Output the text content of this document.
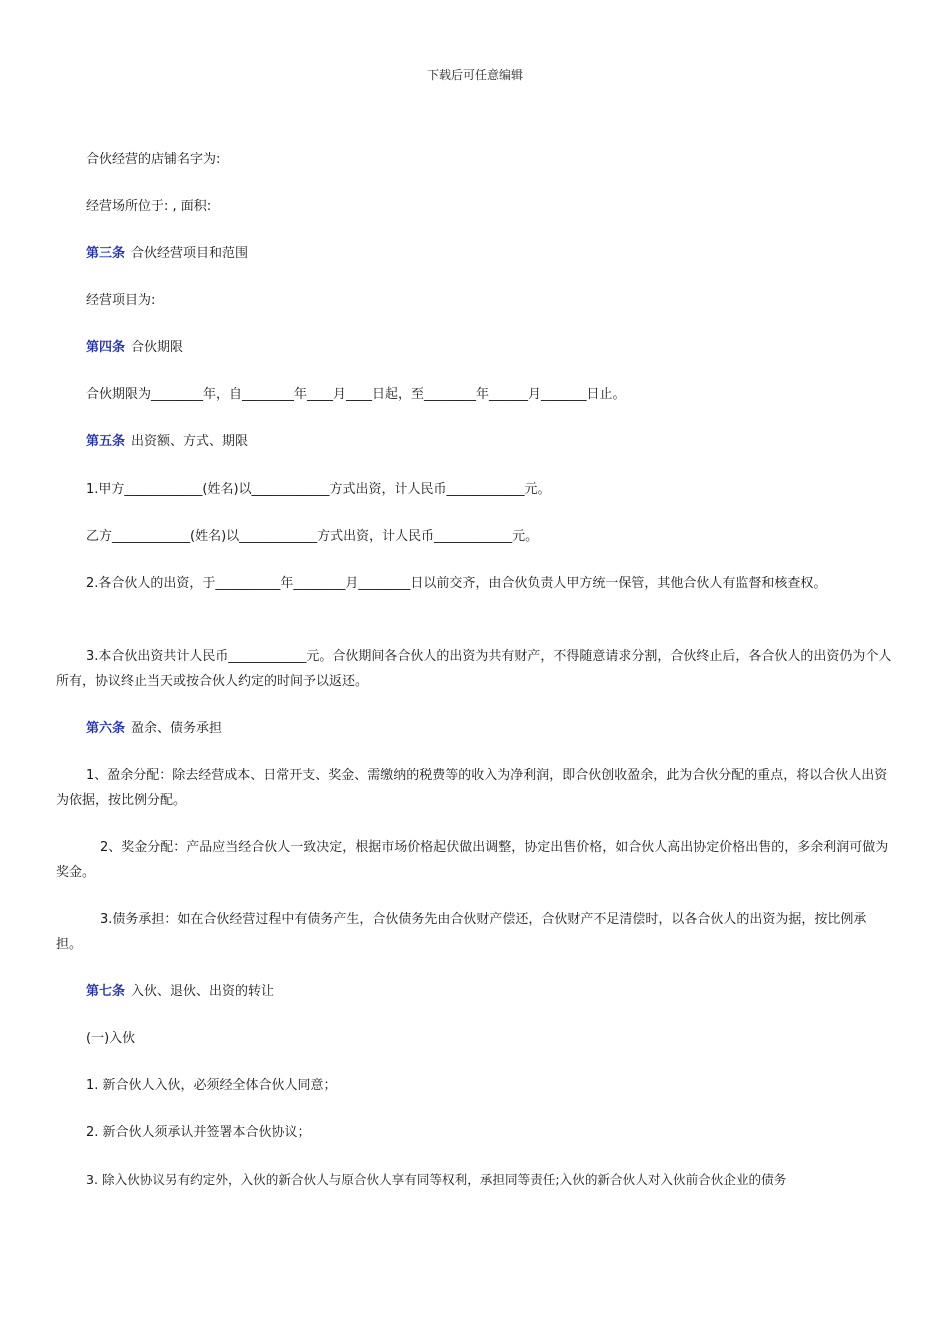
下载后可任意编辑
合伙经营的店铺名字为:
经营场所位于: , 面积:
第三条 合伙经营项目和范围
经营项目为:
第四条 合伙期限
合伙期限为________年，自________年____月____日起，至________年______月_______日止。
第五条 出资额、方式、期限
1.甲方____________(姓名)以____________方式出资，计人民币____________元。
乙方____________(姓名)以____________方式出资，计人民币____________元。
2.各合伙人的出资，于__________年________月________日以前交齐，由合伙负责人甲方统一保管，其他合伙人有监督和核查权。
3.本合伙出资共计人民币____________元。合伙期间各合伙人的出资为共有财产，不得随意请求分割，合伙终止后，各合伙人的出资仍为个人所有，协议终止当天或按合伙人约定的时间予以返还。
第六条 盈余、债务承担
1、盈余分配：除去经营成本、日常开支、奖金、需缴纳的税费等的收入为净利润，即合伙创收盈余，此为合伙分配的重点，将以合伙人出资为依据，按比例分配。
2、奖金分配：产品应当经合伙人一致决定，根据市场价格起伏做出调整，协定出售价格，如合伙人高出协定价格出售的，多余利润可做为奖金。
3.债务承担：如在合伙经营过程中有债务产生，合伙债务先由合伙财产偿还，合伙财产不足清偿时，以各合伙人的出资为据，按比例承担。
第七条 入伙、退伙、出资的转让
(一)入伙
1. 新合伙人入伙，必须经全体合伙人同意；
2. 新合伙人须承认并签署本合伙协议；
3. 除入伙协议另有约定外，入伙的新合伙人与原合伙人享有同等权利，承担同等责任;入伙的新合伙人对入伙前合伙企业的债务
